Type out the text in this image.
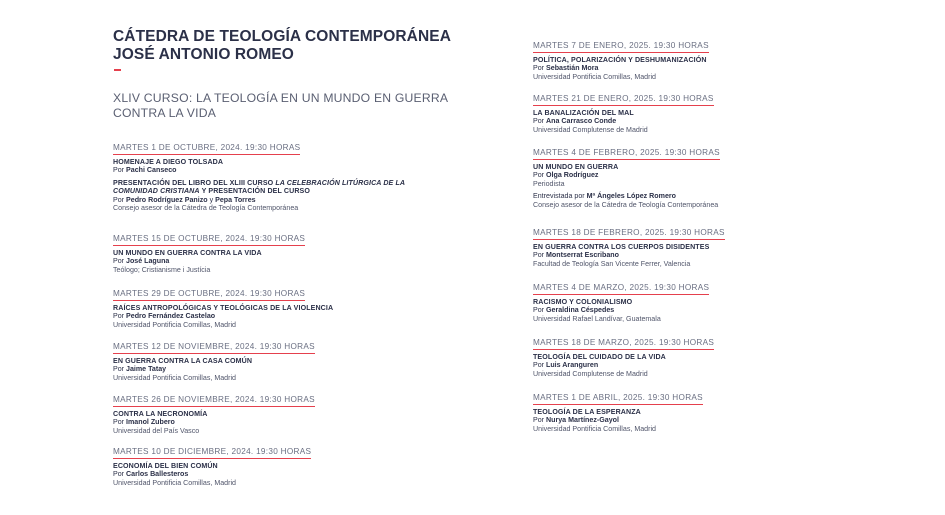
CÁTEDRA DE TEOLOGÍA CONTEMPORÁNEA
JOSÉ ANTONIO ROMEO
XLIV CURSO: LA TEOLOGÍA EN UN MUNDO EN GUERRA
CONTRA LA VIDA
MARTES 1 DE OCTUBRE, 2024. 19:30 HORAS
HOMENAJE A DIEGO TOLSADA
Por Pachi Canseco
PRESENTACIÓN DEL LIBRO DEL XLIII CURSO LA CELEBRACIÓN LITÚRGICA DE LA
COMUNIDAD CRISTIANA Y PRESENTACIÓN DEL CURSO
Por Pedro Rodríguez Panizo y Pepa Torres
Consejo asesor de la Cátedra de Teología Contemporánea
MARTES 15 DE OCTUBRE, 2024. 19:30 HORAS
UN MUNDO EN GUERRA CONTRA LA VIDA
Por José Laguna
Teólogo; Cristianisme i Justícia
MARTES 29 DE OCTUBRE, 2024. 19:30 HORAS
RAÍCES ANTROPOLÓGICAS Y TEOLÓGICAS DE LA VIOLENCIA
Por Pedro Fernández Castelao
Universidad Pontificia Comillas, Madrid
MARTES 12 DE NOVIEMBRE, 2024. 19:30 HORAS
EN GUERRA CONTRA LA CASA COMÚN
Por Jaime Tatay
Universidad Pontificia Comillas, Madrid
MARTES 26 DE NOVIEMBRE, 2024. 19:30 HORAS
CONTRA LA NECRONOMÍA
Por Imanol Zubero
Universidad del País Vasco
MARTES 10 DE DICIEMBRE, 2024. 19:30 HORAS
ECONOMÍA DEL BIEN COMÚN
Por Carlos Ballesteros
Universidad Pontificia Comillas, Madrid
MARTES 7 DE ENERO, 2025. 19:30 HORAS
POLÍTICA, POLARIZACIÓN Y DESHUMANIZACIÓN
Por Sebastián Mora
Universidad Pontificia Comillas, Madrid
MARTES 21 DE ENERO, 2025. 19:30 HORAS
LA BANALIZACIÓN DEL MAL
Por Ana Carrasco Conde
Universidad Complutense de Madrid
MARTES 4 DE FEBRERO, 2025. 19:30 HORAS
UN MUNDO EN GUERRA
Por Olga Rodríguez
Periodista
Entrevistada por Mª Ángeles López Romero
Consejo asesor de la Cátedra de Teología Contemporánea
MARTES 18 DE FEBRERO, 2025. 19:30 HORAS
EN GUERRA CONTRA LOS CUERPOS DISIDENTES
Por Montserrat Escribano
Facultad de Teología San Vicente Ferrer, Valencia
MARTES 4 DE MARZO, 2025. 19:30 HORAS
RACISMO Y COLONIALISMO
Por Geraldina Céspedes
Universidad Rafael Landívar, Guatemala
MARTES 18 DE MARZO, 2025. 19:30 HORAS
TEOLOGÍA DEL CUIDADO DE LA VIDA
Por Luis Aranguren
Universidad Complutense de Madrid
MARTES 1 DE ABRIL, 2025. 19:30 HORAS
TEOLOGÍA DE LA ESPERANZA
Por Nurya Martínez-Gayol
Universidad Pontificia Comillas, Madrid
